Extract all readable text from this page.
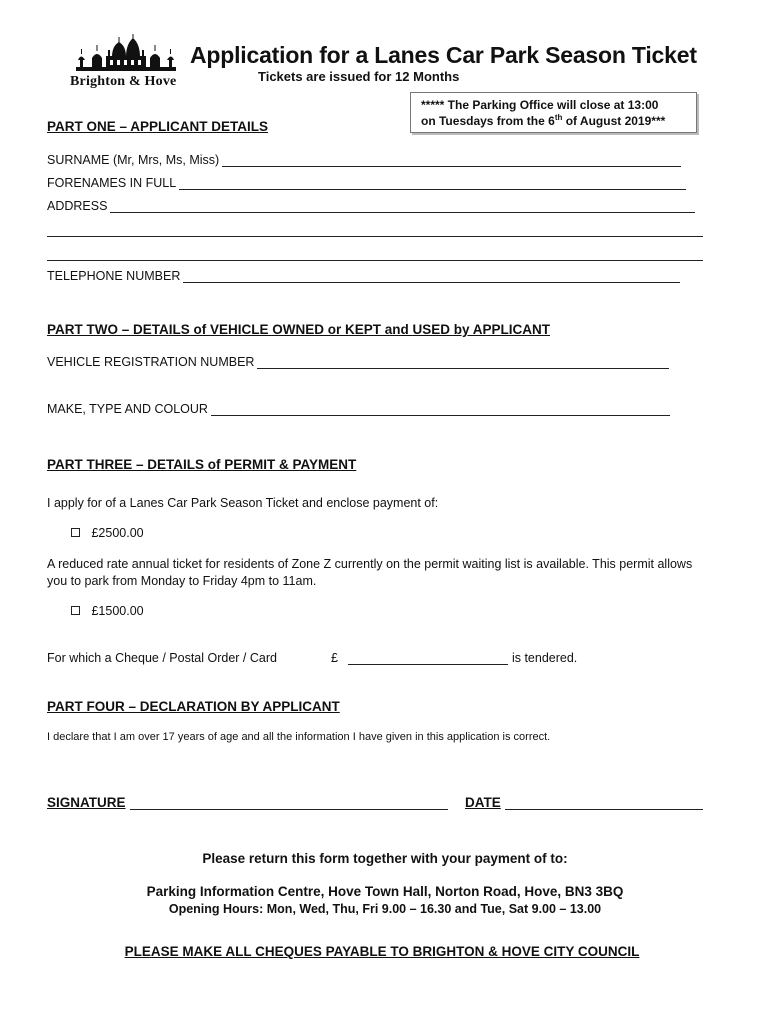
Brighton & Hove
Application for a Lanes Car Park Season Ticket
Tickets are issued for 12 Months
***** The Parking Office will close at 13:00
on Tuesdays from the 6th of August 2019***
PART ONE – APPLICANT DETAILS
SURNAME (Mr, Mrs, Ms, Miss)
FORENAMES IN FULL
ADDRESS
TELEPHONE NUMBER
PART TWO – DETAILS of VEHICLE OWNED or KEPT and USED by APPLICANT
VEHICLE REGISTRATION NUMBER
MAKE, TYPE AND COLOUR
PART THREE – DETAILS of PERMIT & PAYMENT
I apply for of a Lanes Car Park Season Ticket and enclose payment of:
£2500.00
A reduced rate annual ticket for residents of Zone Z currently on the permit waiting list is available. This permit allows you to park from Monday to Friday 4pm to 11am.
£1500.00
For which a Cheque / Postal Order / Card	£	is tendered.
PART FOUR – DECLARATION BY APPLICANT
I declare that I am over 17 years of age and all the information I have given in this application is correct.
SIGNATURE	DATE
Please return this form together with your payment of to:
Parking Information Centre, Hove Town Hall, Norton Road, Hove, BN3 3BQ
Opening Hours: Mon, Wed, Thu, Fri 9.00 – 16.30 and Tue, Sat 9.00 – 13.00
PLEASE MAKE ALL CHEQUES PAYABLE TO BRIGHTON & HOVE CITY COUNCIL
